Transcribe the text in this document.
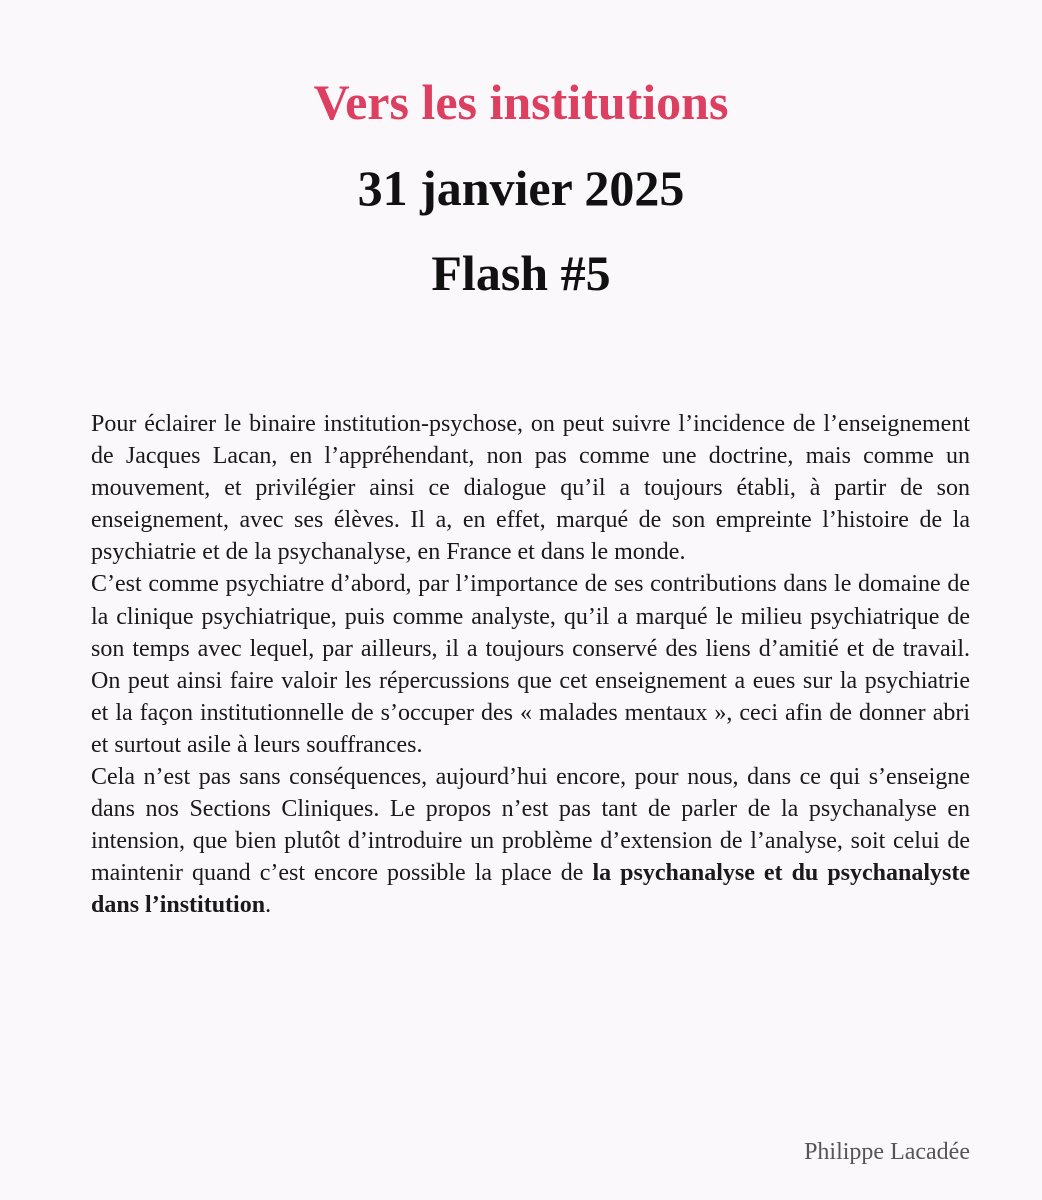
Vers les institutions
31 janvier 2025
Flash #5

Pour éclairer le binaire institution-psychose, on peut suivre l’incidence de l’enseignement de Jacques Lacan, en l’appréhendant, non pas comme une doctrine, mais comme un mouvement, et privilégier ainsi ce dialogue qu’il a toujours établi, à partir de son enseignement, avec ses élèves. Il a, en effet, marqué de son empreinte l’histoire de la psychiatrie et de la psychanalyse, en France et dans le monde.

C’est comme psychiatre d’abord, par l’importance de ses contributions dans le domaine de la clinique psychiatrique, puis comme analyste, qu’il a marqué le milieu psychiatrique de son temps avec lequel, par ailleurs, il a toujours conservé des liens d’amitié et de travail. On peut ainsi faire valoir les répercussions que cet enseignement a eues sur la psychiatrie et la façon institutionnelle de s’occuper des « malades mentaux », ceci afin de donner abri et surtout asile à leurs souffrances.

Cela n’est pas sans conséquences, aujourd’hui encore, pour nous, dans ce qui s’enseigne dans nos Sections Cliniques. Le propos n’est pas tant de parler de la psychanalyse en intension, que bien plutôt d’introduire un problème d’extension de l’analyse, soit celui de maintenir quand c’est encore possible la place de la psychanalyse et du psychanalyste dans l’institution.

Philippe Lacadée
